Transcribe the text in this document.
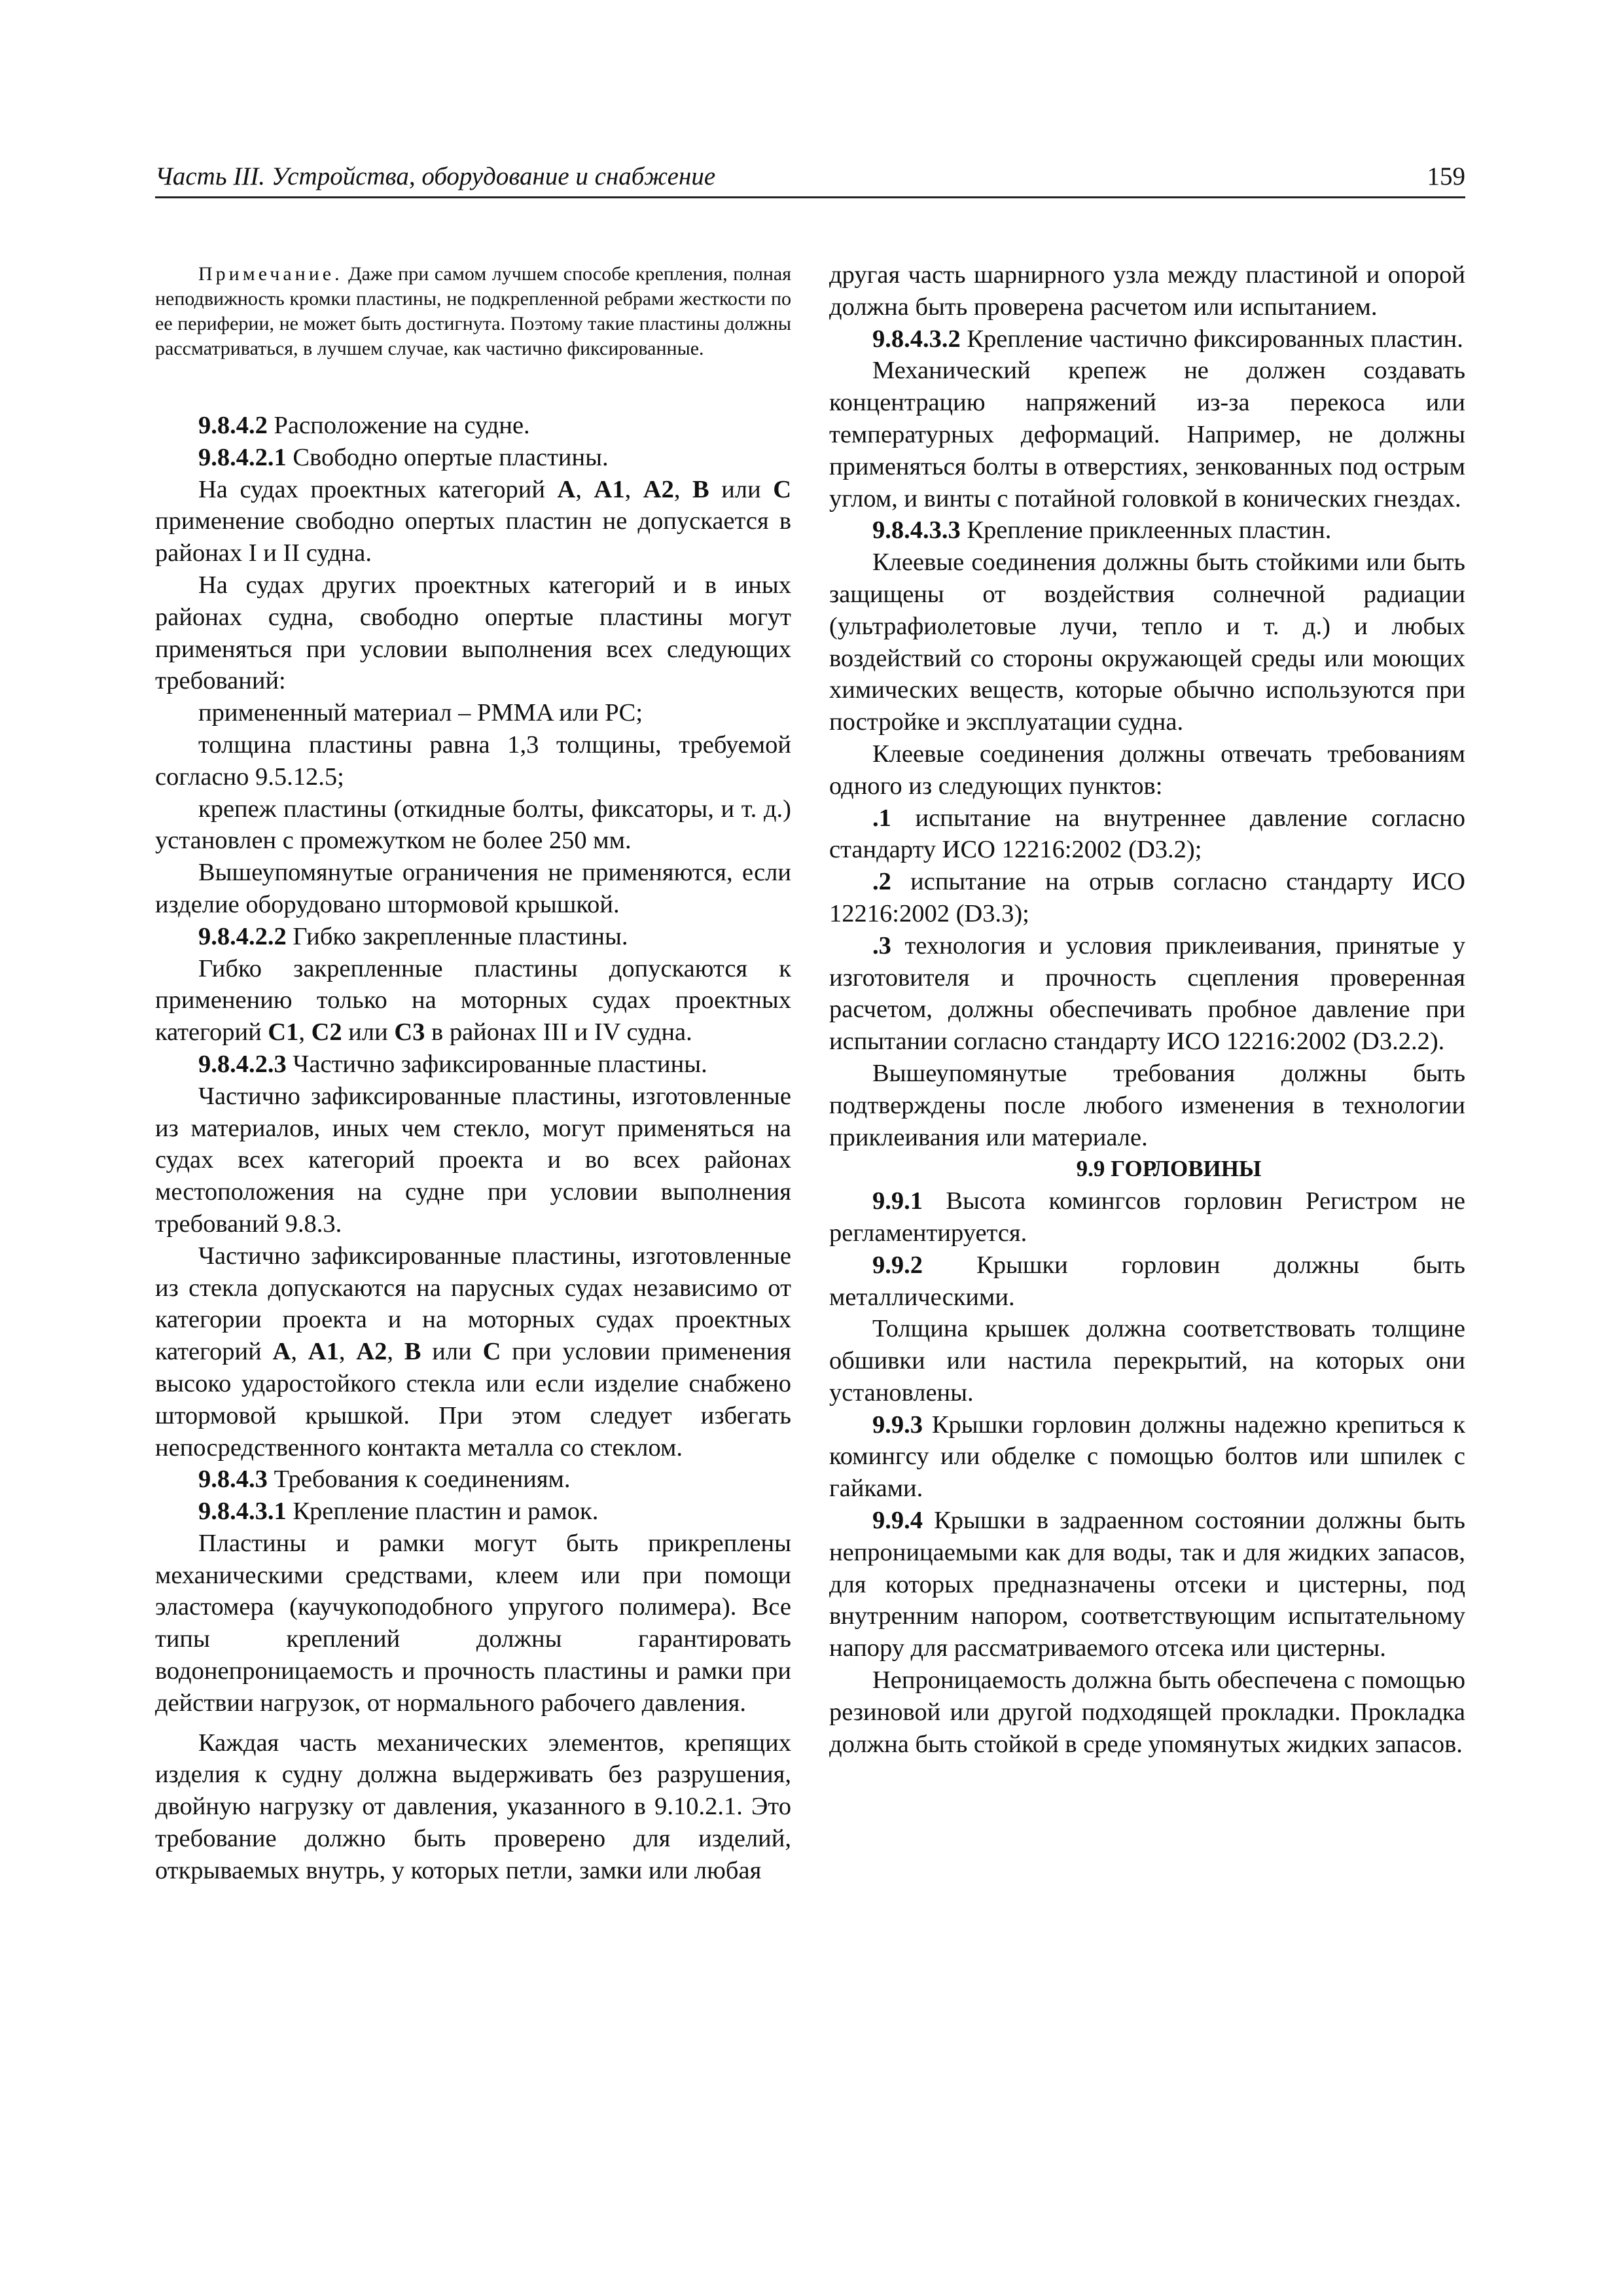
Часть III. Устройства, оборудование и снабжение	159

Примечание. Даже при самом лучшем способе крепления, полная неподвижность кромки пластины, не подкрепленной ребрами жесткости по ее периферии, не может быть достигнута. Поэтому такие пластины должны рассматриваться, в лучшем случае, как частично фиксированные.

9.8.4.2 Расположение на судне.

9.8.4.2.1 Свободно опертые пластины.

На судах проектных категорий A, A1, A2, B или C применение свободно опертых пластин не допускается в районах I и II судна.

На судах других проектных категорий и в иных районах судна, свободно опертые пластины могут применяться при условии выполнения всех следующих требований:

примененный материал – PMMA или PC;

толщина пластины равна 1,3 толщины, требуемой согласно 9.5.12.5;

крепеж пластины (откидные болты, фиксаторы, и т. д.) установлен с промежутком не более 250 мм.

Вышеупомянутые ограничения не применяются, если изделие оборудовано штормовой крышкой.

9.8.4.2.2 Гибко закрепленные пластины.

Гибко закрепленные пластины допускаются к применению только на моторных судах проектных категорий C1, C2 или C3 в районах III и IV судна.

9.8.4.2.3 Частично зафиксированные пластины.

Частично зафиксированные пластины, изготовленные из материалов, иных чем стекло, могут применяться на судах всех категорий проекта и во всех районах местоположения на судне при условии выполнения требований 9.8.3.

Частично зафиксированные пластины, изготовленные из стекла допускаются на парусных судах независимо от категории проекта и на моторных судах проектных категорий A, A1, A2, B или C при условии применения высоко ударостойкого стекла или если изделие снабжено штормовой крышкой. При этом следует избегать непосредственного контакта металла со стеклом.

9.8.4.3 Требования к соединениям.

9.8.4.3.1 Крепление пластин и рамок.

Пластины и рамки могут быть прикреплены механическими средствами, клеем или при помощи эластомера (каучукоподобного упругого полимера). Все типы креплений должны гарантировать водонепроницаемость и прочность пластины и рамки при действии нагрузок, от нормального рабочего давления.

Каждая часть механических элементов, крепящих изделия к судну должна выдерживать без разрушения, двойную нагрузку от давления, указанного в 9.10.2.1. Это требование должно быть проверено для изделий, открываемых внутрь, у которых петли, замки или любая

другая часть шарнирного узла между пластиной и опорой должна быть проверена расчетом или испытанием.

9.8.4.3.2 Крепление частично фиксированных пластин.

Механический крепеж не должен создавать концентрацию напряжений из-за перекоса или температурных деформаций. Например, не должны применяться болты в отверстиях, зенкованных под острым углом, и винты с потайной головкой в конических гнездах.

9.8.4.3.3 Крепление приклеенных пластин.

Клеевые соединения должны быть стойкими или быть защищены от воздействия солнечной радиации (ультрафиолетовые лучи, тепло и т. д.) и любых воздействий со стороны окружающей среды или моющих химических веществ, которые обычно используются при постройке и эксплуатации судна.

Клеевые соединения должны отвечать требованиям одного из следующих пунктов:

.1 испытание на внутреннее давление согласно стандарту ИСО 12216:2002 (D3.2);

.2 испытание на отрыв согласно стандарту ИСО 12216:2002 (D3.3);

.3 технология и условия приклеивания, принятые у изготовителя и прочность сцепления проверенная расчетом, должны обеспечивать пробное давление при испытании согласно стандарту ИСО 12216:2002 (D3.2.2).

Вышеупомянутые требования должны быть подтверждены после любого изменения в технологии приклеивания или материале.

9.9 ГОРЛОВИНЫ

9.9.1 Высота комингсов горловин Регистром не регламентируется.

9.9.2 Крышки горловин должны быть металлическими.

Толщина крышек должна соответствовать толщине обшивки или настила перекрытий, на которых они установлены.

9.9.3 Крышки горловин должны надежно крепиться к комингсу или обделке с помощью болтов или шпилек с гайками.

9.9.4 Крышки в задраенном состоянии должны быть непроницаемыми как для воды, так и для жидких запасов, для которых предназначены отсеки и цистерны, под внутренним напором, соответствующим испытательному напору для рассматриваемого отсека или цистерны.

Непроницаемость должна быть обеспечена с помощью резиновой или другой подходящей прокладки. Прокладка должна быть стойкой в среде упомянутых жидких запасов.
